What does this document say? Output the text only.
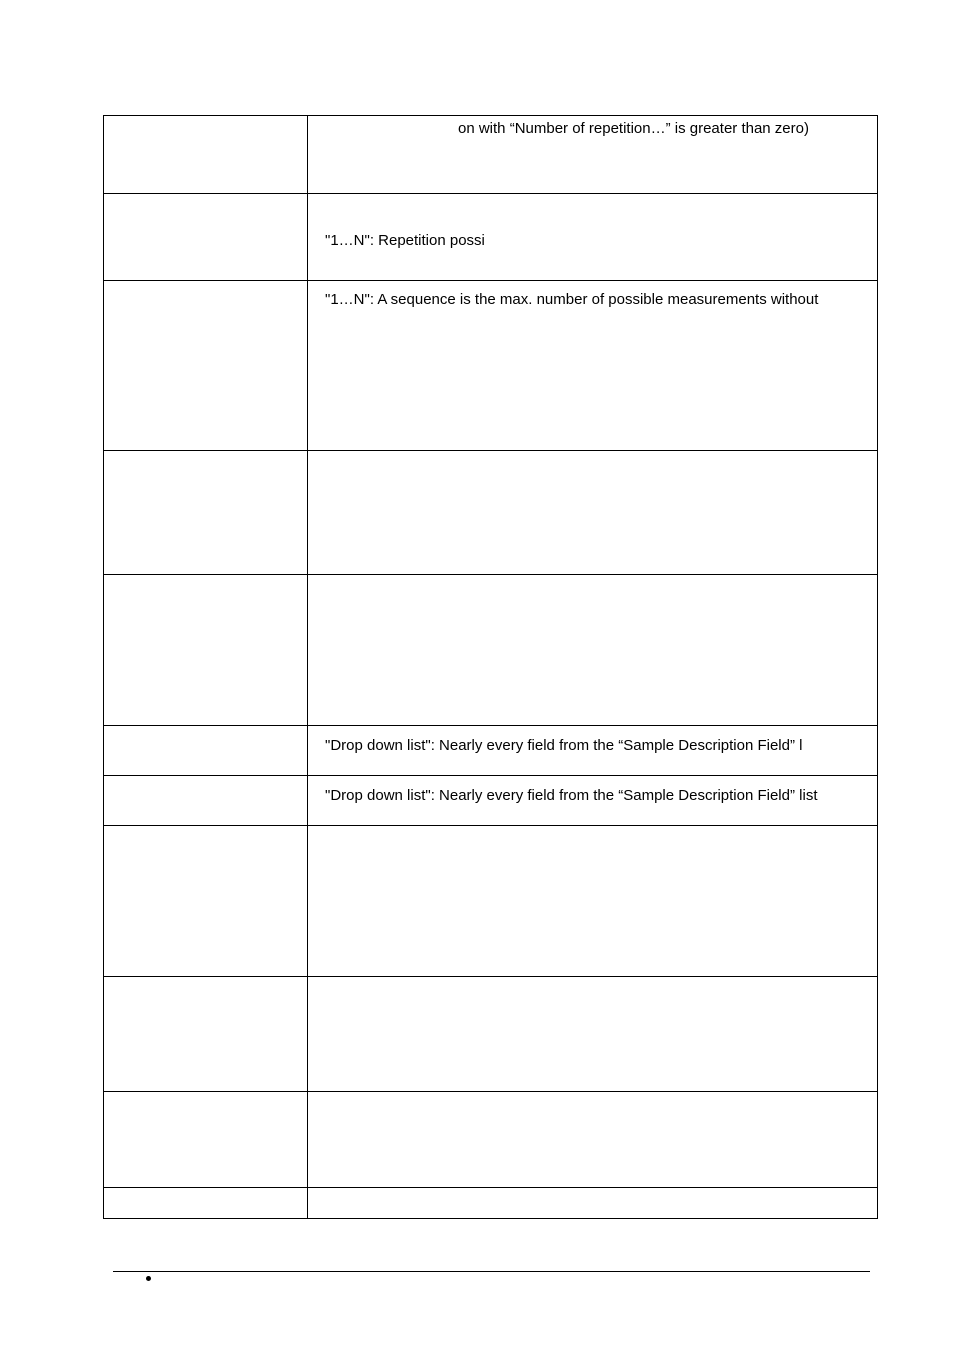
	on with “Number of repetition…” is greater than zero)

	"1…N": Repetition possi

	"1…N": A sequence is the max. number of possible measurements without

	"Drop down list": Nearly every field from the “Sample Description Field” l

	"Drop down list": Nearly every field from the “Sample Description Field” list
